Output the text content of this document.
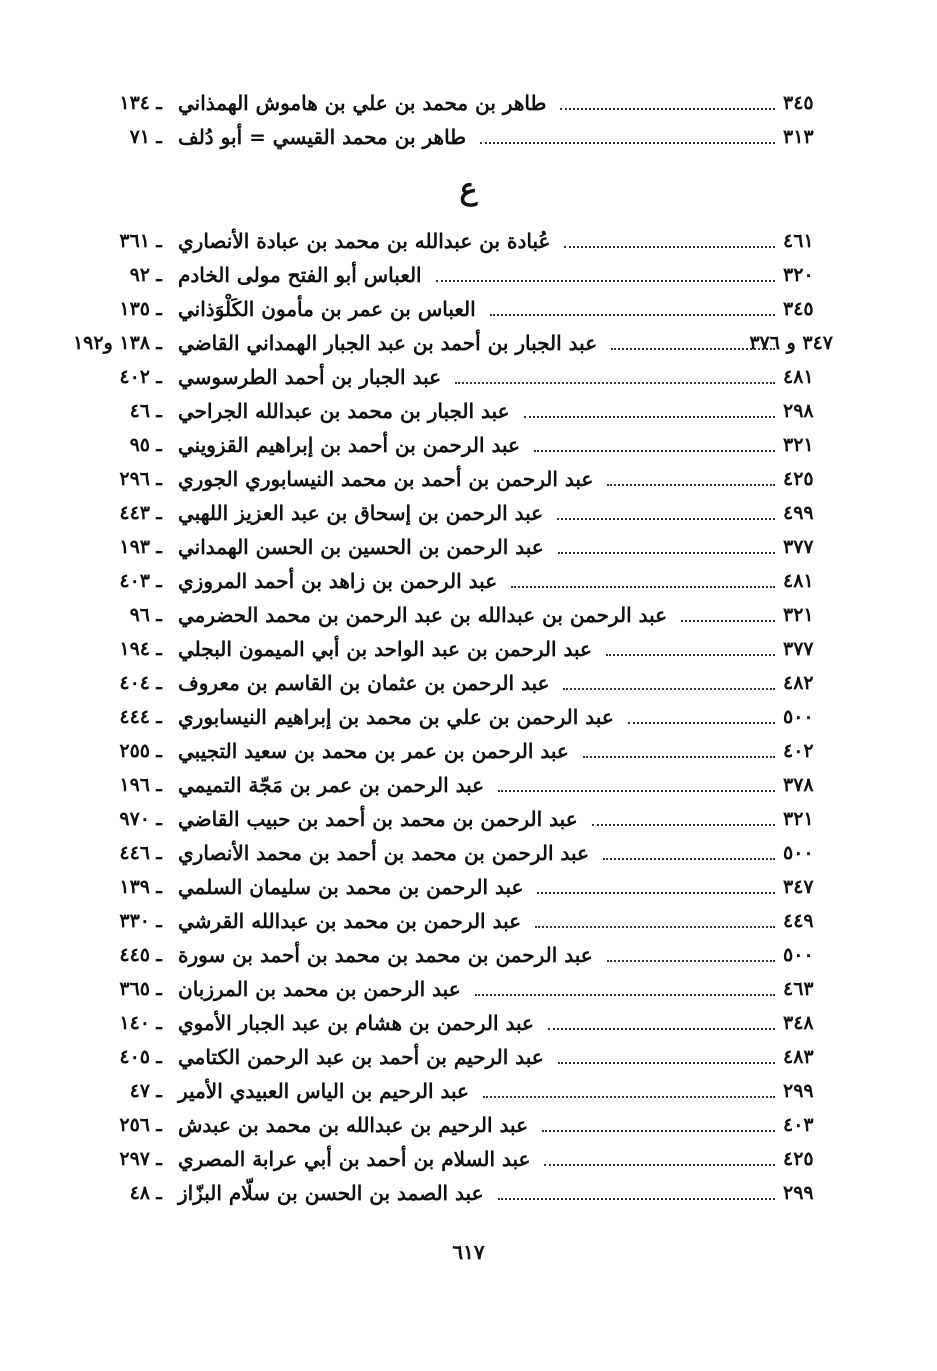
١٣٤ ـ طاهر بن محمد بن علي بن هاموش الهمذاني	٣٤٥
٧١ ـ طاهر بن محمد القيسي = أبو دُلف	٣١٣
ع
٣٦١ ـ عُبادة بن عبدالله بن محمد بن عبادة الأنصاري	٤٦١
٩٢ ـ العباس أبو الفتح مولى الخادم	٣٢٠
١٣٥ ـ العباس بن عمر بن مأمون الكَلْوَذاني	٣٤٥
١٣٨ و١٩٢ ـ عبد الجبار بن أحمد بن عبد الجبار الهمداني القاضي	٣٤٧ و ٣٧٦
٤٠٢ ـ عبد الجبار بن أحمد الطرسوسي	٤٨١
٤٦ ـ عبد الجبار بن محمد بن عبدالله الجراحي	٢٩٨
٩٥ ـ عبد الرحمن بن أحمد بن إبراهيم القزويني	٣٢١
٢٩٦ ـ عبد الرحمن بن أحمد بن محمد النيسابوري الجوري	٤٢٥
٤٤٣ ـ عبد الرحمن بن إسحاق بن عبد العزيز اللهبي	٤٩٩
١٩٣ ـ عبد الرحمن بن الحسين بن الحسن الهمداني	٣٧٧
٤٠٣ ـ عبد الرحمن بن زاهد بن أحمد المروزي	٤٨١
٩٦ ـ عبد الرحمن بن عبدالله بن عبد الرحمن بن محمد الحضرمي	٣٢١
١٩٤ ـ عبد الرحمن بن عبد الواحد بن أبي الميمون البجلي	٣٧٧
٤٠٤ ـ عبد الرحمن بن عثمان بن القاسم بن معروف	٤٨٢
٤٤٤ ـ عبد الرحمن بن علي بن محمد بن إبراهيم النيسابوري	٥٠٠
٢٥٥ ـ عبد الرحمن بن عمر بن محمد بن سعيد التجيبي	٤٠٢
١٩٦ ـ عبد الرحمن بن عمر بن مَجّة التميمي	٣٧٨
٩٧٠ ـ عبد الرحمن بن محمد بن أحمد بن حبيب القاضي	٣٢١
٤٤٦ ـ عبد الرحمن بن محمد بن أحمد بن محمد الأنصاري	٥٠٠
١٣٩ ـ عبد الرحمن بن محمد بن سليمان السلمي	٣٤٧
٣٣٠ ـ عبد الرحمن بن محمد بن عبدالله القرشي	٤٤٩
٤٤٥ ـ عبد الرحمن بن محمد بن محمد بن أحمد بن سورة	٥٠٠
٣٦٥ ـ عبد الرحمن بن محمد بن المرزبان	٤٦٣
١٤٠ ـ عبد الرحمن بن هشام بن عبد الجبار الأموي	٣٤٨
٤٠٥ ـ عبد الرحيم بن أحمد بن عبد الرحمن الكتامي	٤٨٣
٤٧ ـ عبد الرحيم بن الياس العبيدي الأمير	٢٩٩
٢٥٦ ـ عبد الرحيم بن عبدالله بن محمد بن عبدش	٤٠٣
٢٩٧ ـ عبد السلام بن أحمد بن أبي عرابة المصري	٤٢٥
٤٨ ـ عبد الصمد بن الحسن بن سلّام البزّاز	٢٩٩
٦١٧
